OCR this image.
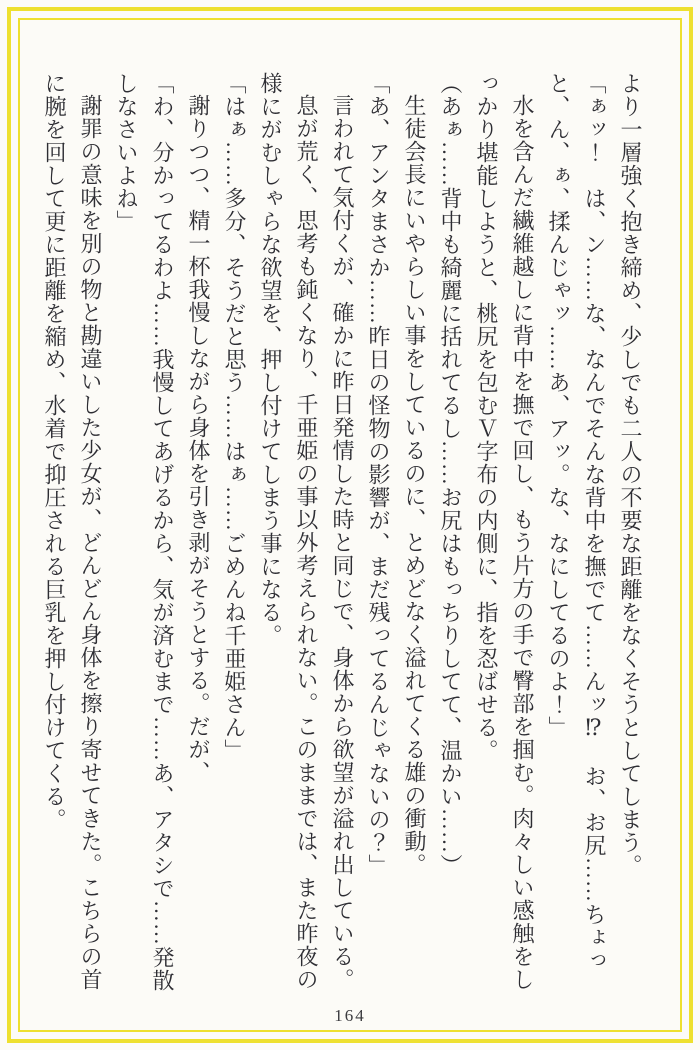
より一層強く抱き締め、少しでも二人の不要な距離をなくそうとしてしまう。

「ぁッ！　は、ン……な、なんでそんな背中を撫でて……んッ⁉　お、お尻……ちょっと、ん、ぁ、揉んじゃッ……あ、アッ。な、なにしてるのよ！」

水を含んだ繊維越しに背中を撫で回し、もう片方の手で臀部を掴む。肉々しい感触をしっかり堪能しようと、桃尻を包むＶ字布の内側に、指を忍ばせる。

（あぁ……背中も綺麗に括れてるし……お尻はもっちりしてて、温かい……）

生徒会長にいやらしい事をしているのに、とめどなく溢れてくる雄の衝動。

「あ、アンタまさか……昨日の怪物の影響が、まだ残ってるんじゃないの？」

言われて気付くが、確かに昨日発情した時と同じで、身体から欲望が溢れ出している。

息が荒く、思考も鈍くなり、千亜姫の事以外考えられない。このままでは、また昨夜の様にがむしゃらな欲望を、押し付けてしまう事になる。

「はぁ……多分、そうだと思う……はぁ……ごめんね千亜姫さん」

謝りつつ、精一杯我慢しながら身体を引き剥がそうとする。だが、

「わ、分かってるわよ……我慢してあげるから、気が済むまで……あ、アタシで……発散しなさいよね」

謝罪の意味を別の物と勘違いした少女が、どんどん身体を擦り寄せてきた。こちらの首に腕を回して更に距離を縮め、水着で抑圧される巨乳を押し付けてくる。

164
